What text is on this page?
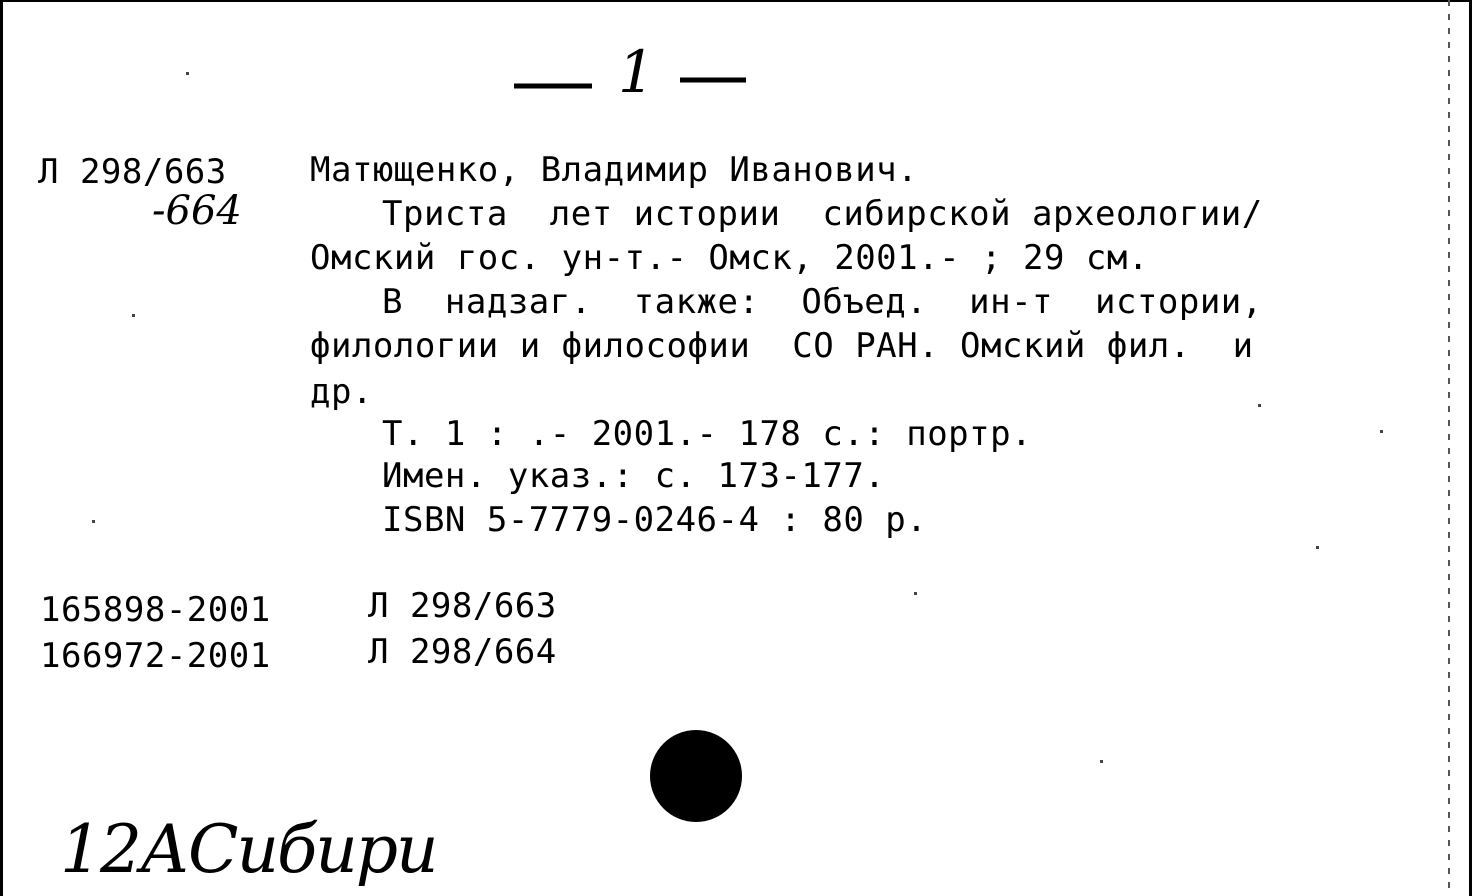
1
Л 298/663
-664
Матющенко, Владимир Иванович.
Триста  лет истории  сибирской археологии/
Омский гос. ун-т.- Омск, 2001.- ; 29 см.
В  надзаг.  также:  Объед.  ин-т  истории,
филологии и философии  СО РАН. Омский фил.  и
др.
Т. 1 : .- 2001.- 178 с.: портр.
Имен. указ.: с. 173-177.
ISBN 5-7779-0246-4 : 80 р.
165898-2001	Л 298/663
166972-2001	Л 298/664
12АСибири
